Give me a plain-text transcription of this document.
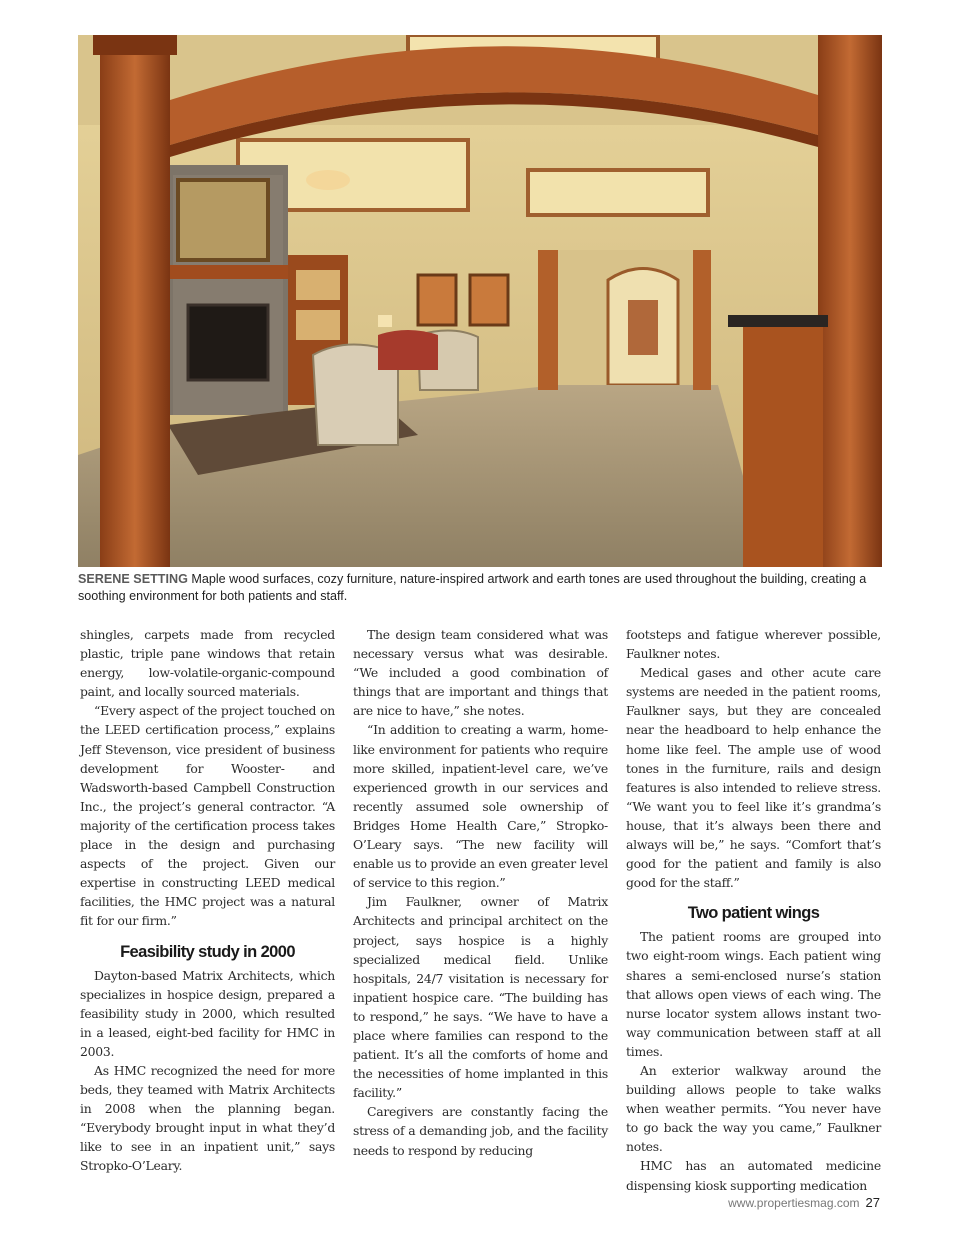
SERENE SETTING Maple wood surfaces, cozy furniture, nature-inspired artwork and earth tones are used throughout the building, creating a soothing environment for both patients and staff.

shingles, carpets made from recycled plastic, triple pane windows that retain energy, low-volatile-organic-compound paint, and locally sourced materials.

“Every aspect of the project touched on the LEED certification process,” explains Jeff Stevenson, vice president of business development for Wooster- and Wadsworth-based Campbell Construction Inc., the project’s general contractor. “A majority of the certification process takes place in the design and purchasing aspects of the project. Given our expertise in constructing LEED medical facilities, the HMC project was a natural fit for our firm.”

Feasibility study in 2000

Dayton-based Matrix Architects, which specializes in hospice design, prepared a feasibility study in 2000, which resulted in a leased, eight-bed facility for HMC in 2003.

As HMC recognized the need for more beds, they teamed with Matrix Architects in 2008 when the planning began. “Everybody brought input in what they’d like to see in an inpatient unit,” says Stropko-O’Leary.

The design team considered what was necessary versus what was desirable. “We included a good combination of things that are important and things that are nice to have,” she notes.

“In addition to creating a warm, home-like environment for patients who require more skilled, inpatient-level care, we’ve experienced growth in our services and recently assumed sole ownership of Bridges Home Health Care,” Stropko-O’Leary says. “The new facility will enable us to provide an even greater level of service to this region.”

Jim Faulkner, owner of Matrix Architects and principal architect on the project, says hospice is a highly specialized medical field. Unlike hospitals, 24/7 visitation is necessary for inpatient hospice care. “The building has to respond,” he says. “We have to have a place where families can respond to the patient. It’s all the comforts of home and the necessities of home implanted in this facility.”

Caregivers are constantly facing the stress of a demanding job, and the facility needs to respond by reducing

footsteps and fatigue wherever possible, Faulkner notes.

Medical gases and other acute care systems are needed in the patient rooms, Faulkner says, but they are concealed near the headboard to help enhance the home like feel. The ample use of wood tones in the furniture, rails and design features is also intended to relieve stress. “We want you to feel like it’s grandma’s house, that it’s always been there and always will be,” he says. “Comfort that’s good for the patient and family is also good for the staff.”

Two patient wings

The patient rooms are grouped into two eight-room wings. Each patient wing shares a semi-enclosed nurse’s station that allows open views of each wing. The nurse locator system allows instant two-way communication between staff at all times.

An exterior walkway around the building allows people to take walks when weather permits. “You never have to go back the way you came,” Faulkner notes.

HMC has an automated medicine dispensing kiosk supporting medication

www.propertiesmag.com 27
